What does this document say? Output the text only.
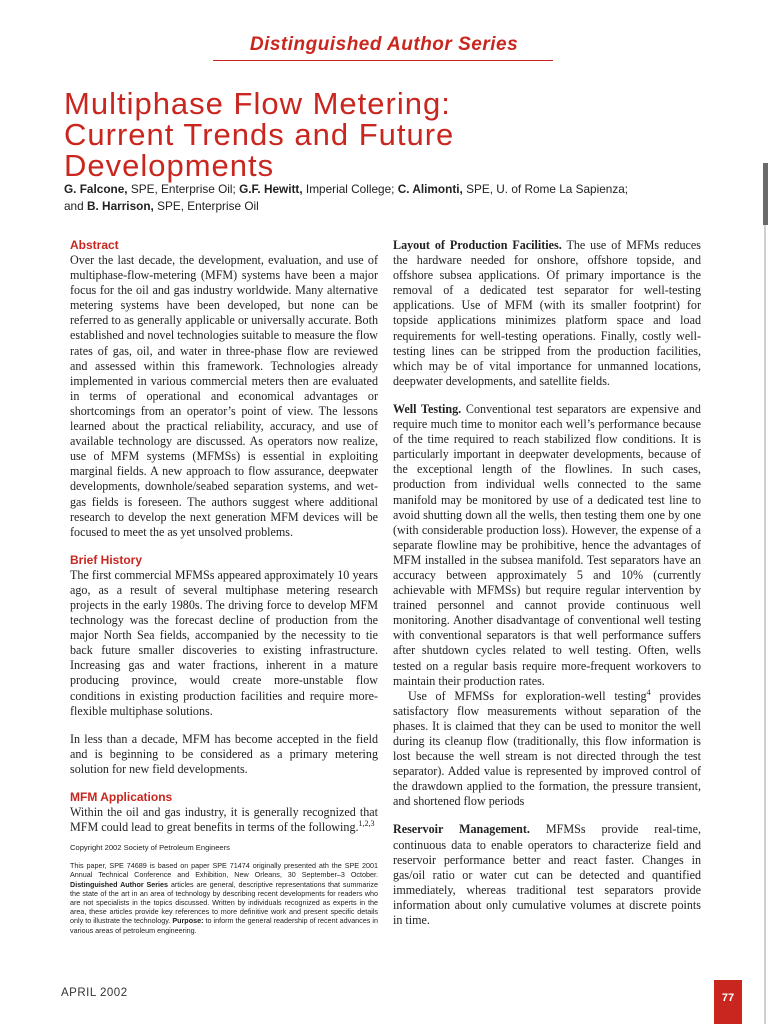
Distinguished Author Series
Multiphase Flow Metering:
Current Trends and Future
Developments
G. Falcone, SPE, Enterprise Oil; G.F. Hewitt, Imperial College; C. Alimonti, SPE, U. of Rome La Sapienza;
and B. Harrison, SPE, Enterprise Oil
Abstract

Over the last decade, the development, evaluation, and use of multiphase-flow-metering (MFM) systems have been a major focus for the oil and gas industry worldwide. Many alternative metering systems have been developed, but none can be referred to as generally applicable or universally accurate. Both established and novel technologies suitable to measure the flow rates of gas, oil, and water in three-phase flow are reviewed and assessed within this framework. Technologies already implemented in various commercial meters then are evaluated in terms of operational and economical advantages or shortcomings from an operator’s point of view. The lessons learned about the practical reliability, accuracy, and use of available technology are discussed. As operators now realize, use of MFM systems (MFMSs) is essential in exploiting marginal fields. A new approach to flow assurance, deepwater developments, downhole/seabed separation systems, and wet-gas fields is foreseen. The authors suggest where additional research to develop the next generation MFM devices will be focused to meet the as yet unsolved problems.

Brief History

The first commercial MFMSs appeared approximately 10 years ago, as a result of several multiphase metering research projects in the early 1980s. The driving force to develop MFM technology was the forecast decline of production from the major North Sea fields, accompanied by the necessity to tie back future smaller discoveries to existing infrastructure. Increasing gas and water fractions, inherent in a mature producing province, would create more-unstable flow conditions in existing production facilities and require more-flexible multiphase solutions.

In less than a decade, MFM has become accepted in the field and is beginning to be considered as a primary metering solution for new field developments.

MFM Applications

Within the oil and gas industry, it is generally recognized that MFM could lead to great benefits in terms of the following.$^{1,2,3}$

Copyright 2002 Society of Petroleum Engineers

This paper, SPE 74689 is based on paper SPE 71474 originally presented ath the SPE 2001 Annual Technical Conference and Exhibition, New Orleans, 30 September–3 October. Distinguished Author Series articles are general, descriptive representations that summarize the state of the art in an area of technology by describing recent developments for readers who are not specialists in the topics discussed. Written by individuals recognized as experts in the area, these articles provide key references to more definitive work and present specific details only to illustrate the technology. Purpose: to inform the general readership of recent advances in various areas of petroleum engineering.

Layout of Production Facilities. The use of MFMs reduces the hardware needed for onshore, offshore topside, and offshore subsea applications. Of primary importance is the removal of a dedicated test separator for well-testing applications. Use of MFM (with its smaller footprint) for topside applications minimizes platform space and load requirements for well-testing operations. Finally, costly well-testing lines can be stripped from the production facilities, which may be of vital importance for unmanned locations, deepwater developments, and satellite fields.

Well Testing. Conventional test separators are expensive and require much time to monitor each well’s performance because of the time required to reach stabilized flow conditions. It is particularly important in deepwater developments, because of the exceptional length of the flowlines. In such cases, production from individual wells connected to the same manifold may be monitored by use of a dedicated test line to avoid shutting down all the wells, then testing them one by one (with considerable production loss). However, the expense of a separate flowline may be prohibitive, hence the advantages of MFM installed in the subsea manifold. Test separators have an accuracy between approximately 5 and 10% (currently achievable with MFMSs) but require regular intervention by trained personnel and cannot provide continuous well monitoring. Another disadvantage of conventional well testing with conventional separators is that well performance suffers after shutdown cycles related to well testing. Often, wells tested on a regular basis require more-frequent workovers to maintain their production rates.

Use of MFMSs for exploration-well testing$^4$ provides satisfactory flow measurements without separation of the phases. It is claimed that they can be used to monitor the well during its cleanup flow (traditionally, this flow information is lost because the well stream is not directed through the test separator). Added value is represented by improved control of the drawdown applied to the formation, the pressure transient, and shortened flow periods

Reservoir Management. MFMSs provide real-time, continuous data to enable operators to characterize field and reservoir performance better and react faster. Changes in gas/oil ratio or water cut can be detected and quantified immediately, whereas traditional test separators provide information about only cumulative volumes at discrete points in time.

APRIL 2002	77
